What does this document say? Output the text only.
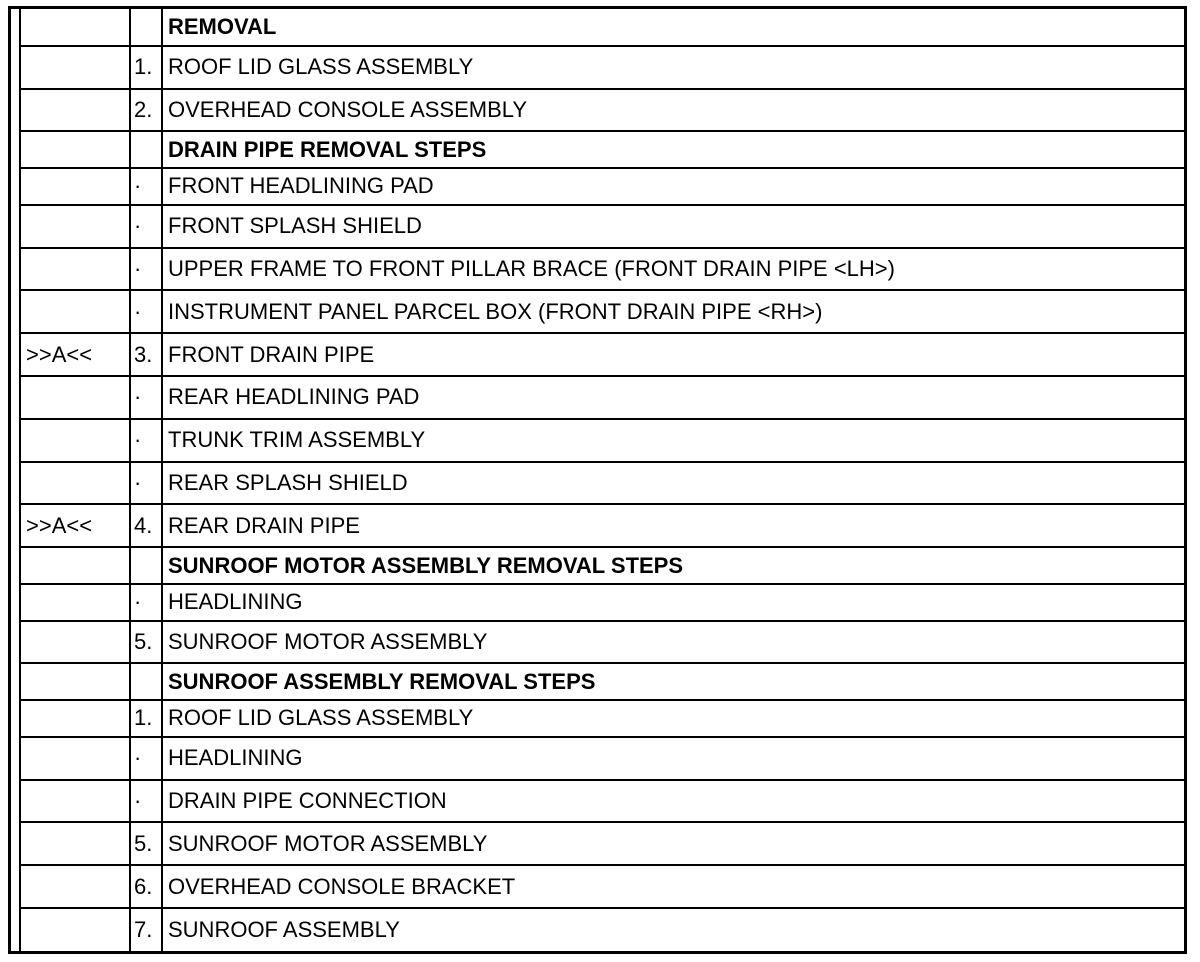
		REMOVAL
	1.	ROOF LID GLASS ASSEMBLY
	2.	OVERHEAD CONSOLE ASSEMBLY
		DRAIN PIPE REMOVAL STEPS
	·	FRONT HEADLINING PAD
	·	FRONT SPLASH SHIELD
	·	UPPER FRAME TO FRONT PILLAR BRACE (FRONT DRAIN PIPE <LH>)
	·	INSTRUMENT PANEL PARCEL BOX (FRONT DRAIN PIPE <RH>)
>>A<<	3.	FRONT DRAIN PIPE
	·	REAR HEADLINING PAD
	·	TRUNK TRIM ASSEMBLY
	·	REAR SPLASH SHIELD
>>A<<	4.	REAR DRAIN PIPE
		SUNROOF MOTOR ASSEMBLY REMOVAL STEPS
	·	HEADLINING
	5.	SUNROOF MOTOR ASSEMBLY
		SUNROOF ASSEMBLY REMOVAL STEPS
	1.	ROOF LID GLASS ASSEMBLY
	·	HEADLINING
	·	DRAIN PIPE CONNECTION
	5.	SUNROOF MOTOR ASSEMBLY
	6.	OVERHEAD CONSOLE BRACKET
	7.	SUNROOF ASSEMBLY
